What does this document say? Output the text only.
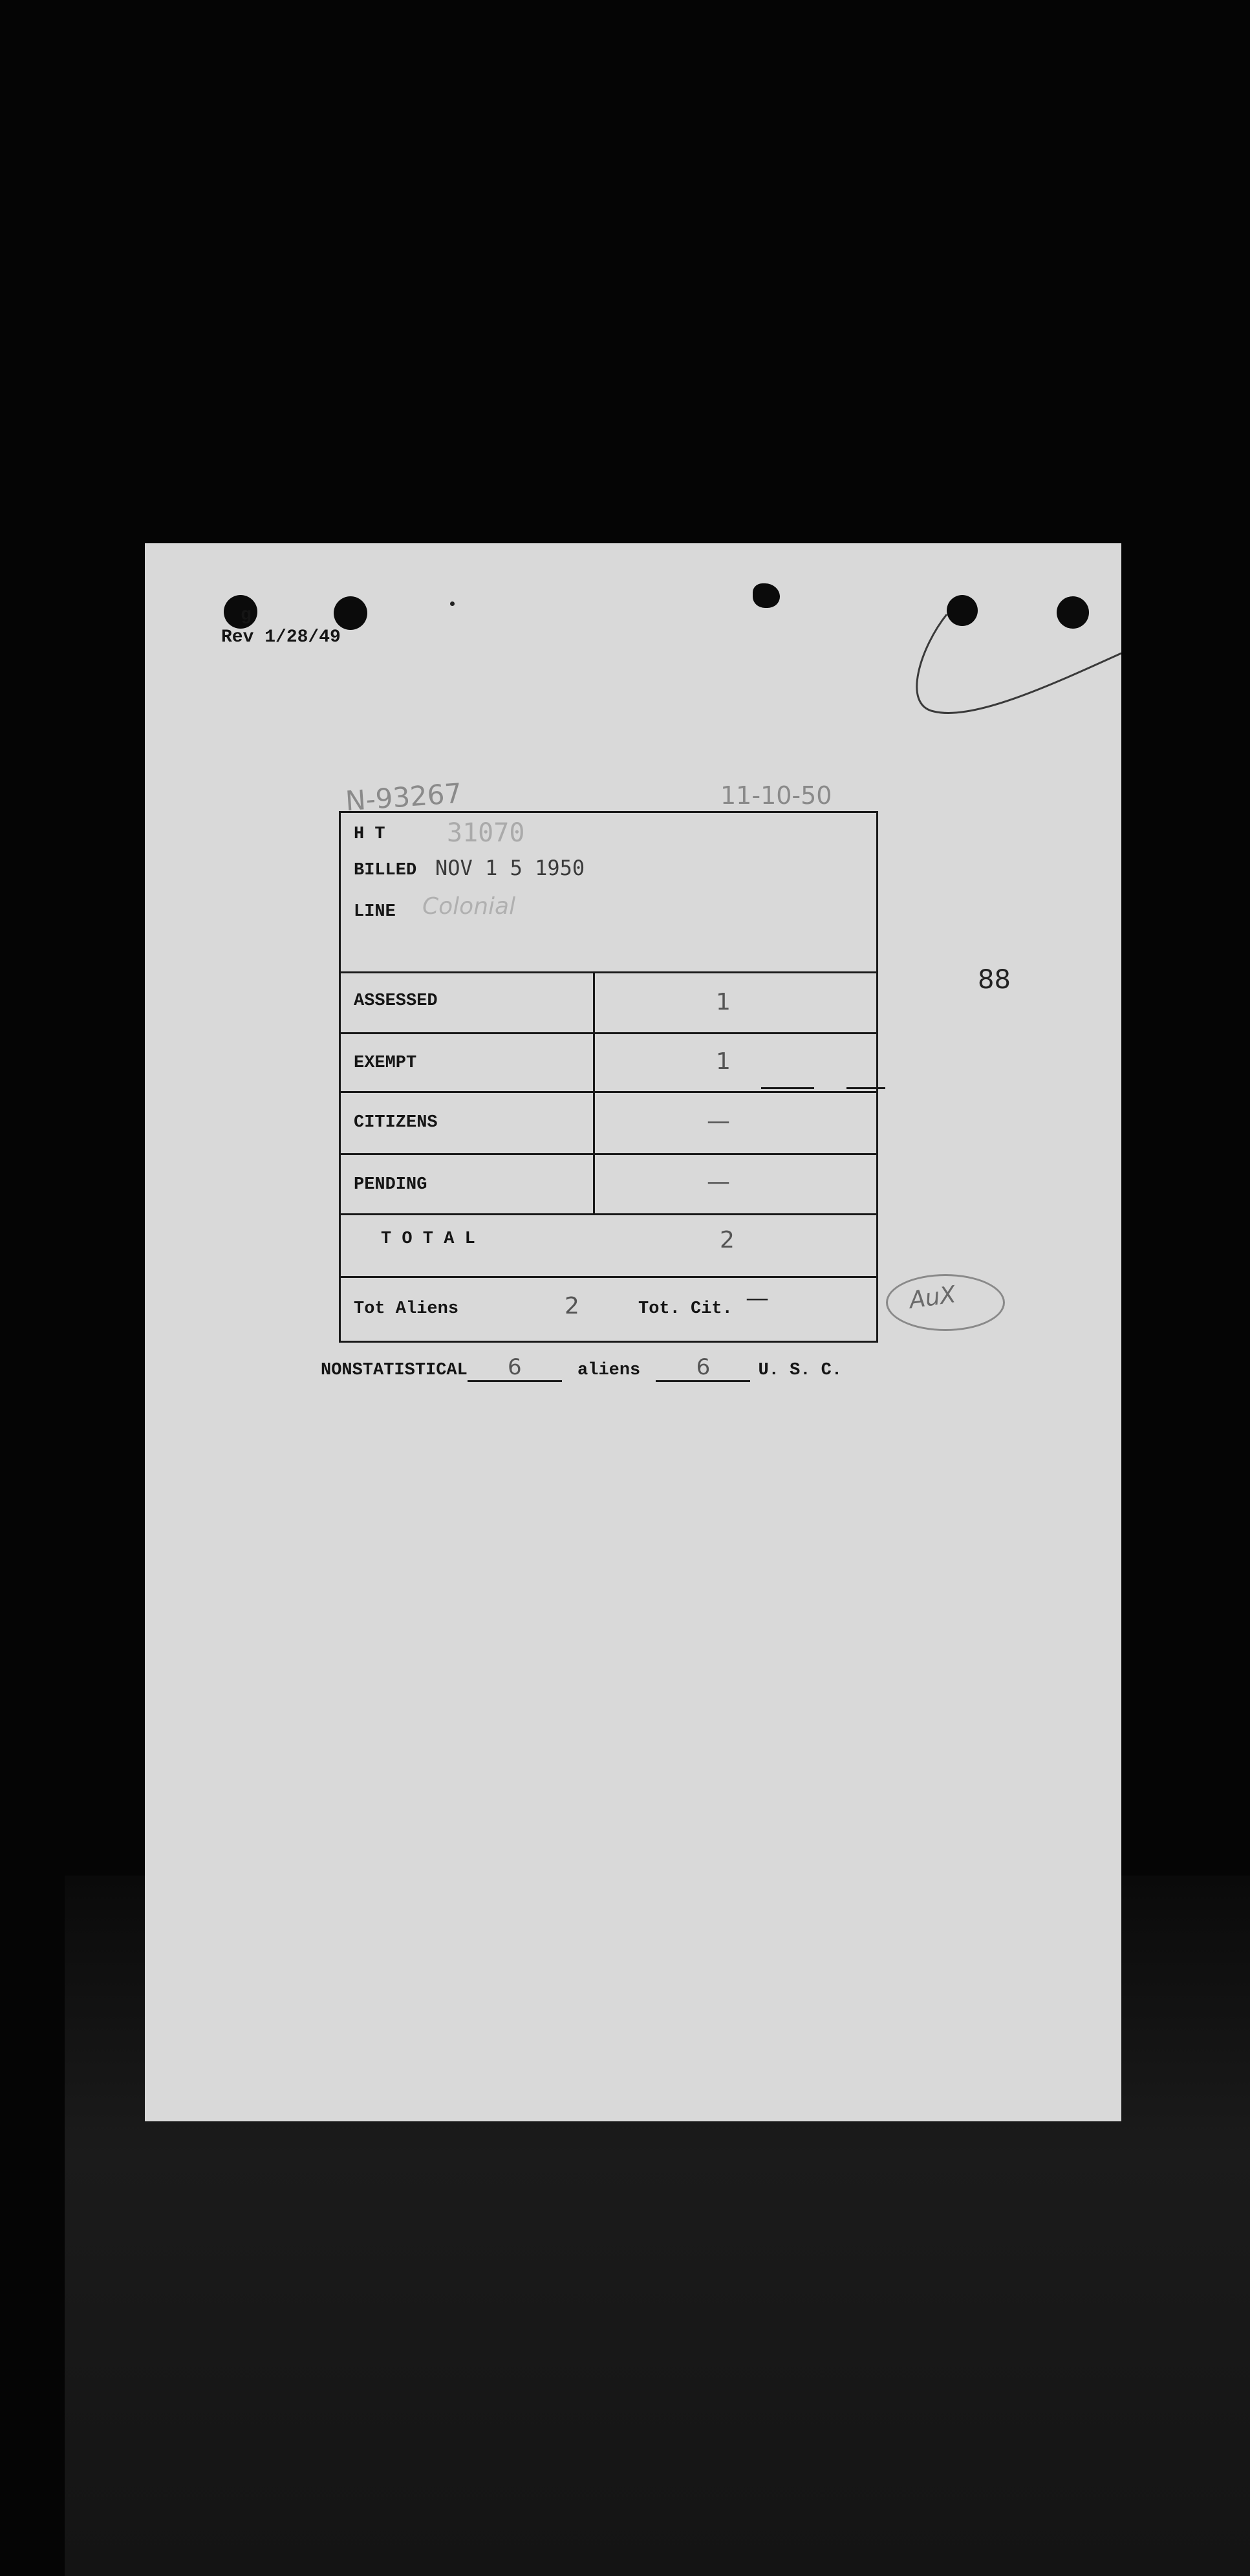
g
Rev 1/28/49
88
N-93267	11-10-50
AuX
H T 31070
BILLED NOV 1 5 1950
LINE Colonial
ASSESSED	1
EXEMPT	1
CITIZENS	—
PENDING	—
T O T A L	2
Tot Aliens	2	Tot. Cit. —
NONSTATISTICAL 6	aliens	6	U. S. C.
